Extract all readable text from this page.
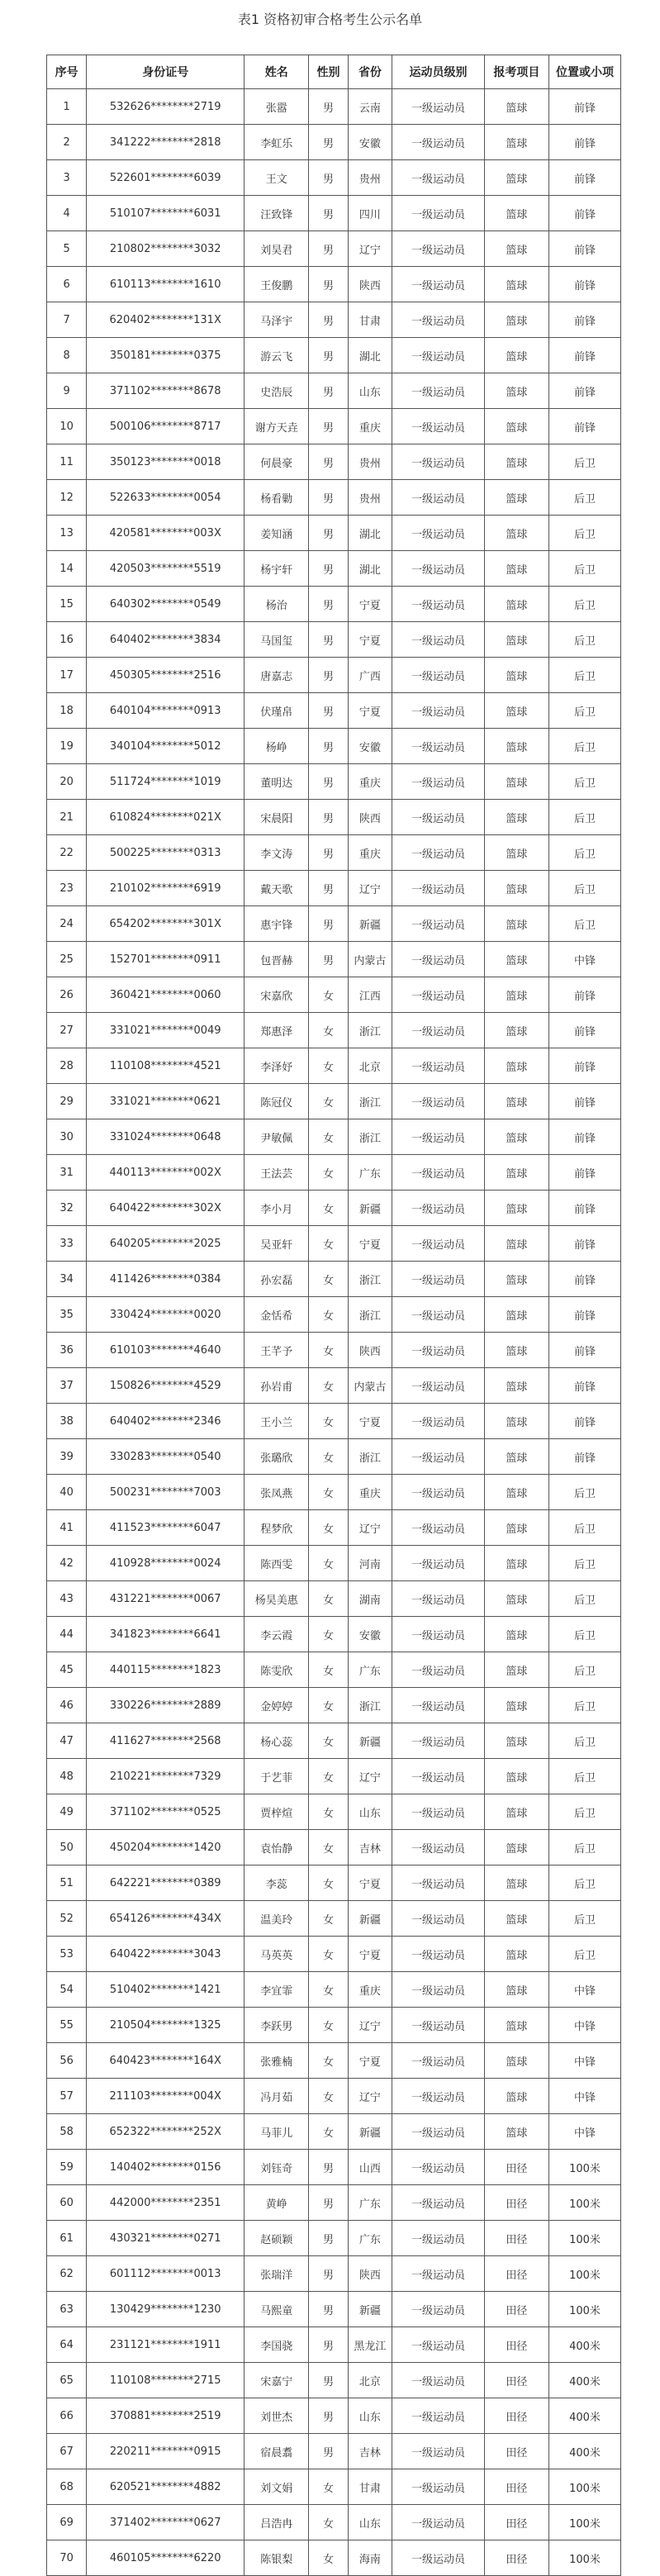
表1 资格初审合格考生公示名单
序号	身份证号	姓名	性别	省份	运动员级别	报考项目	位置或小项
1	532626********2719	张嚣	男	云南	一级运动员	篮球	前锋
2	341222********2818	李虹乐	男	安徽	一级运动员	篮球	前锋
3	522601********6039	王文	男	贵州	一级运动员	篮球	前锋
4	510107********6031	汪致锋	男	四川	一级运动员	篮球	前锋
5	210802********3032	刘昊君	男	辽宁	一级运动员	篮球	前锋
6	610113********1610	王俊鹏	男	陕西	一级运动员	篮球	前锋
7	620402********131X	马泽宇	男	甘肃	一级运动员	篮球	前锋
8	350181********0375	游云飞	男	湖北	一级运动员	篮球	前锋
9	371102********8678	史浩辰	男	山东	一级运动员	篮球	前锋
10	500106********8717	谢方天垚	男	重庆	一级运动员	篮球	前锋
11	350123********0018	何晨豪	男	贵州	一级运动员	篮球	后卫
12	522633********0054	杨看勦	男	贵州	一级运动员	篮球	后卫
13	420581********003X	姜知涵	男	湖北	一级运动员	篮球	后卫
14	420503********5519	杨宇轩	男	湖北	一级运动员	篮球	后卫
15	640302********0549	杨治	男	宁夏	一级运动员	篮球	后卫
16	640402********3834	马国玺	男	宁夏	一级运动员	篮球	后卫
17	450305********2516	唐嘉志	男	广西	一级运动员	篮球	后卫
18	640104********0913	伏瑾帛	男	宁夏	一级运动员	篮球	后卫
19	340104********5012	杨峥	男	安徽	一级运动员	篮球	后卫
20	511724********1019	董明达	男	重庆	一级运动员	篮球	后卫
21	610824********021X	宋晨阳	男	陕西	一级运动员	篮球	后卫
22	500225********0313	李文涛	男	重庆	一级运动员	篮球	后卫
23	210102********6919	戴天歌	男	辽宁	一级运动员	篮球	后卫
24	654202********301X	惠宇锋	男	新疆	一级运动员	篮球	后卫
25	152701********0911	包晋赫	男	内蒙古	一级运动员	篮球	中锋
26	360421********0060	宋嘉欣	女	江西	一级运动员	篮球	前锋
27	331021********0049	郑惠泽	女	浙江	一级运动员	篮球	前锋
28	110108********4521	李泽妤	女	北京	一级运动员	篮球	前锋
29	331021********0621	陈冠仪	女	浙江	一级运动员	篮球	前锋
30	331024********0648	尹敏佩	女	浙江	一级运动员	篮球	前锋
31	440113********002X	王法芸	女	广东	一级运动员	篮球	前锋
32	640422********302X	李小月	女	新疆	一级运动员	篮球	前锋
33	640205********2025	吴亚轩	女	宁夏	一级运动员	篮球	前锋
34	411426********0384	孙宏磊	女	浙江	一级运动员	篮球	前锋
35	330424********0020	金恬希	女	浙江	一级运动员	篮球	前锋
36	610103********4640	王芊予	女	陕西	一级运动员	篮球	前锋
37	150826********4529	孙岩甫	女	内蒙古	一级运动员	篮球	前锋
38	640402********2346	王小兰	女	宁夏	一级运动员	篮球	前锋
39	330283********0540	张璐欣	女	浙江	一级运动员	篮球	前锋
40	500231********7003	张凤燕	女	重庆	一级运动员	篮球	后卫
41	411523********6047	程梦欣	女	辽宁	一级运动员	篮球	后卫
42	410928********0024	陈西雯	女	河南	一级运动员	篮球	后卫
43	431221********0067	杨昊美惠	女	湖南	一级运动员	篮球	后卫
44	341823********6641	李云霞	女	安徽	一级运动员	篮球	后卫
45	440115********1823	陈雯欣	女	广东	一级运动员	篮球	后卫
46	330226********2889	金婷婷	女	浙江	一级运动员	篮球	后卫
47	411627********2568	杨心蕊	女	新疆	一级运动员	篮球	后卫
48	210221********7329	于艺菲	女	辽宁	一级运动员	篮球	后卫
49	371102********0525	贾梓煊	女	山东	一级运动员	篮球	后卫
50	450204********1420	袁怡静	女	吉林	一级运动员	篮球	后卫
51	642221********0389	李蕊	女	宁夏	一级运动员	篮球	后卫
52	654126********434X	温美玲	女	新疆	一级运动员	篮球	后卫
53	640422********3043	马英英	女	宁夏	一级运动员	篮球	后卫
54	510402********1421	李宜霏	女	重庆	一级运动员	篮球	中锋
55	210504********1325	李跃男	女	辽宁	一级运动员	篮球	中锋
56	640423********164X	张雅楠	女	宁夏	一级运动员	篮球	中锋
57	211103********004X	冯月茹	女	辽宁	一级运动员	篮球	中锋
58	652322********252X	马菲儿	女	新疆	一级运动员	篮球	中锋
59	140402********0156	刘钰奇	男	山西	一级运动员	田径	100米
60	442000********2351	黄峥	男	广东	一级运动员	田径	100米
61	430321********0271	赵硕颖	男	广东	一级运动员	田径	100米
62	601112********0013	张瑞洋	男	陕西	一级运动员	田径	100米
63	130429********1230	马熙童	男	新疆	一级运动员	田径	100米
64	231121********1911	李国骁	男	黑龙江	一级运动员	田径	400米
65	110108********2715	宋嘉宁	男	北京	一级运动员	田径	400米
66	370881********2519	刘世杰	男	山东	一级运动员	田径	400米
67	220211********0915	宿晨翥	男	吉林	一级运动员	田径	400米
68	620521********4882	刘文娟	女	甘肃	一级运动员	田径	100米
69	371402********0627	吕浩冉	女	山东	一级运动员	田径	100米
70	460105********6220	陈银梨	女	海南	一级运动员	田径	100米
